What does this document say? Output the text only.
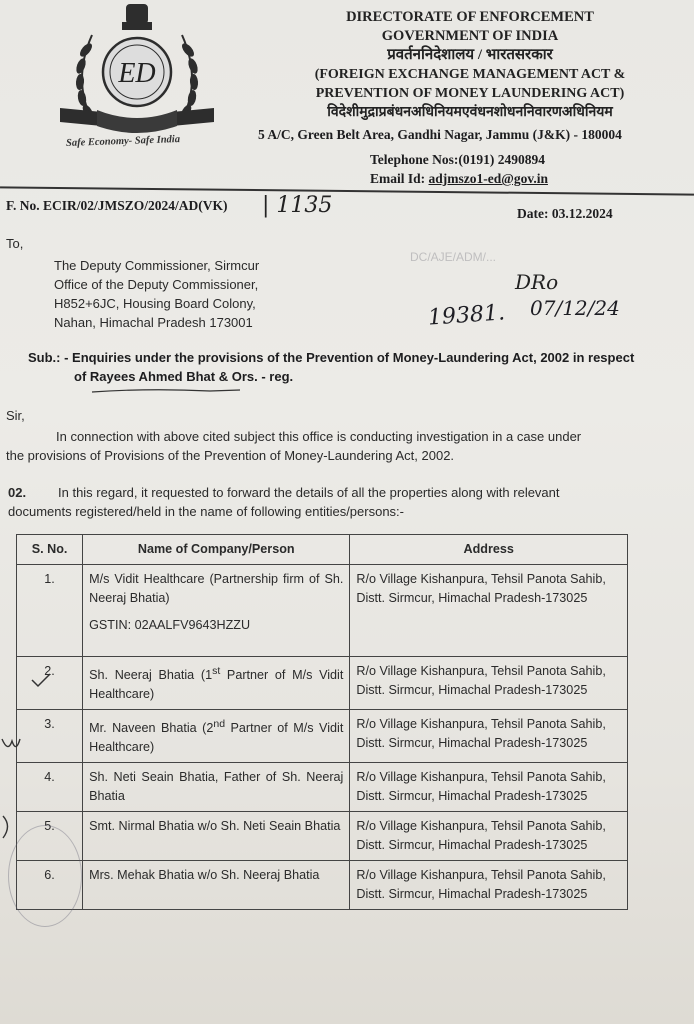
ED
Safe Economy- Safe India
DIRECTORATE OF ENFORCEMENT
GOVERNMENT OF INDIA
प्रवर्तननिदेशालय / भारतसरकार
(FOREIGN EXCHANGE MANAGEMENT ACT &
PREVENTION OF MONEY LAUNDERING ACT)
विदेशीमुद्राप्रबंधनअधिनियमएवंधनशोधननिवारणअधिनियम
5 A/C, Green Belt Area, Gandhi Nagar, Jammu (J&K) - 180004
Telephone Nos:(0191) 2490894
Email Id: adjmszo1-ed@gov.in
F. No. ECIR/02/JMSZO/2024/AD(VK) | 1135	Date: 03.12.2024
To,
The Deputy Commissioner, Sirmcur
Office of the Deputy Commissioner,
H852+6JC, Housing Board Colony,
Nahan, Himachal Pradesh 173001
DC/AJE/ADM/...
DRo
19381. 07/12/24
Sub.: - Enquiries under the provisions of the Prevention of Money-Laundering Act, 2002 in respect
of Rayees Ahmed Bhat & Ors. - reg.
Sir,
In connection with above cited subject this office is conducting investigation in a case under
the provisions of Provisions of the Prevention of Money-Laundering Act, 2002.
02. In this regard, it requested to forward the details of all the properties along with relevant
documents registered/held in the name of following entities/persons:-
S. No.	Name of Company/Person	Address
1.	M/s Vidit Healthcare (Partnership firm of Sh. Neeraj Bhatia)
GSTIN: 02AALFV9643HZZU	R/o Village Kishanpura, Tehsil Panota Sahib, Distt. Sirmcur, Himachal Pradesh-173025
2.	Sh. Neeraj Bhatia (1st Partner of M/s Vidit Healthcare)	R/o Village Kishanpura, Tehsil Panota Sahib, Distt. Sirmcur, Himachal Pradesh-173025
3.	Mr. Naveen Bhatia (2nd Partner of M/s Vidit Healthcare)	R/o Village Kishanpura, Tehsil Panota Sahib, Distt. Sirmcur, Himachal Pradesh-173025
4.	Sh. Neti Seain Bhatia, Father of Sh. Neeraj Bhatia	R/o Village Kishanpura, Tehsil Panota Sahib, Distt. Sirmcur, Himachal Pradesh-173025
5.	Smt. Nirmal Bhatia w/o Sh. Neti Seain Bhatia	R/o Village Kishanpura, Tehsil Panota Sahib, Distt. Sirmcur, Himachal Pradesh-173025
6.	Mrs. Mehak Bhatia w/o Sh. Neeraj Bhatia	R/o Village Kishanpura, Tehsil Panota Sahib, Distt. Sirmcur, Himachal Pradesh-173025
